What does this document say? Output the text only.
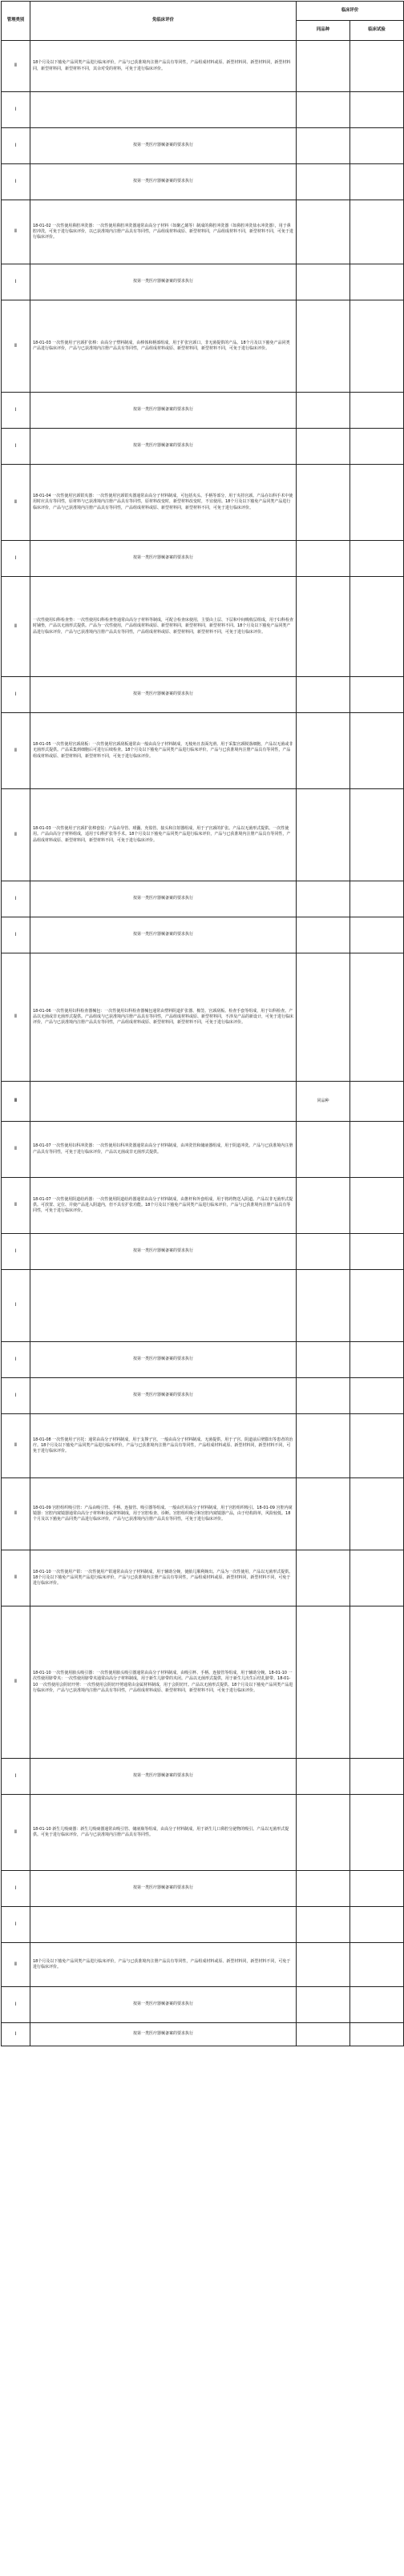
管理类别	免临床评价	临床评价	
		同品种	临床试验
Ⅱ	18个月及以下豁免产品同类产品进行临床评价，产品与已获准境内注册产品具有等同性，产品组成材料或原、新型材料同、新型材料同，新型材料同，新型材料同，新型材料不同，其余对受的材料，可免于进行临床评价。		
Ⅰ			
Ⅰ	按第一类医疗器械备案的要求执行		
Ⅰ	按第一类医疗器械备案的要求执行		
Ⅱ	18-01-02 一次性使用鼻腔冲洗器：一次性使用鼻腔冲洗器通常由高分子材料（如聚乙烯等）制成的鼻腔冲洗器（如鼻腔冲洗盐水冲洗器），用于鼻腔冲洗，可免于进行临床评价，以已获准境内注册产品具有等同性，产品组成材料或原、新型材料同，产品组成材料不同，新型材料不同，可免于进行临床评价。		
Ⅰ	按第一类医疗器械备案的要求执行		
Ⅱ	18-01-03 一次性使用子宫颈扩张棒：由高分子塑料制成，由棒体和柄部组成，用于扩张宫颈口，非无菌提供的产品。18个月及以下豁免产品同类产品进行临床评价，产品与已获准境内注册产品具有等同性，产品组成材料或原、新型材料同，新型材料不同，可免于进行临床评价。		
Ⅰ	按第一类医疗器械备案的要求执行		
Ⅰ	按第一类医疗器械备案的要求执行		
Ⅱ	18-01-04 一次性使用宫颈钳夹器：一次性使用宫颈钳夹器通常由高分子材料制成，可包括夹头、手柄等部分，用于夹持宫颈。产品在妇科手术中使用时应具有等同性，原材料与已获准境内注册产品具有等同性，原材料改变时，新型材料改变时，不宜使用。18个月及以下豁免产品同类产品进行临床评价，产品与已获准境内注册产品具有等同性，产品组成材料或原、新型材料同，新型材料不同，可免于进行临床评价。		
Ⅰ	按第一类医疗器械备案的要求执行		
Ⅱ	一次性使用妇科检查垫：一次性使用妇科检查垫通常由高分子材料等制成，可配合检查床使用，主要由上层、下层和中间吸收层组成，用于妇科检查时铺垫，产品以无菌形式提供。产品为一次性使用，产品组成材料或原、新型材料同，新型材料同，新型材料不同。18个月及以下豁免产品同类产品进行临床评价，产品与已获准境内注册产品具有等同性，产品组成材料或原、新型材料同，新型材料不同，可免于进行临床评价。		
Ⅰ	按第一类医疗器械备案的要求执行		
Ⅱ	18-01-05 一次性使用宫颈刮板：一次性使用宫颈刮板通常由一般由高分子材料制成，无棱角且表面光滑。用于采集宫颈脱落细胞，产品以无菌或非无菌形式提供。产品采集到细胞后可进行后续检查。18个月及以下豁免产品同类产品进行临床评价，产品与已获准境内注册产品具有等同性，产品组成材料或原、新型材料同，新型材料不同，可免于进行临床评价。		
Ⅱ	18-01-03 一次性使用子宫颈扩张棒套装：产品由导管、球囊、充盈管、接头和注射器组成，用于子宫颈的扩张。产品以无菌形式提供。一次性使用。产品由高分子材料组成，适用于妇科扩张等手术。18个月及以下豁免产品同类产品进行临床评价，产品与已获准境内注册产品具有等同性，产品组成材料或原、新型材料同，新型材料不同，可免于进行临床评价。		
Ⅰ	按第一类医疗器械备案的要求执行		
Ⅰ	按第一类医疗器械备案的要求执行		
Ⅱ	18-01-06 一次性使用妇科检查器械包：一次性使用妇科检查器械包通常由塑料阴道扩张器、棉签、宫颈刮板、检查手套等组成，用于妇科检查。产品以无菌或非无菌形式提供。产品组成与已获准境内注册产品具有等同性，产品组成材料或原、新型材料同，不涉及产品的新设计，可免于进行临床评价，产品与已获准境内注册产品具有等同性，产品组成材料或原、新型材料同，新型材料不同，可免于进行临床评价。		
Ⅲ		同品种	
Ⅱ	18-01-07 一次性使用妇科冲洗器：一次性使用妇科冲洗器通常由高分子材料制成，由冲洗管和储液器组成，用于阴道冲洗。产品与已获准境内注册产品具有等同性，可免于进行临床评价，产品以无菌或非无菌形式提供。		
Ⅱ	18-01-07 一次性使用阴道给药器：一次性使用阴道给药器通常由高分子材料制成，由推杆和外套组成，用于将药物送入阴道。产品以非无菌形式提供。可放置、定位、并使产品进入阴道内，但不具有扩张功能。18个月及以下豁免产品同类产品进行临床评价，产品与已获准境内注册产品具有等同性，可免于进行临床评价。		
Ⅰ	按第一类医疗器械备案的要求执行		
Ⅰ			
Ⅰ	按第一类医疗器械备案的要求执行		
Ⅰ	按第一类医疗器械备案的要求执行		
Ⅱ	18-01-08 一次性使用子宫托：通常由高分子材料制成，用于支撑子宫，一般由高分子材料制成。无菌提供，用于子宫、阴道前后壁膨出等患者的治疗。18个月及以下豁免产品同类产品进行临床评价，产品与已获准境内注册产品具有等同性，产品组成材料或原、新型材料同，新型材料不同，可免于进行临床评价。		
Ⅱ	18-01-09 宫腔组织吸引管：产品由吸引管、手柄、连接管、吸引器等组成。一般由医用高分子材料制成，用于宫腔组织吸引。18-01-09 宫腔内窥镜器：宫腔内窥镜器通常由高分子材料和金属材料制成，用于宫腔检查、诊断。宫腔组织吸引和宫腔内窥镜器产品，由于结构简单，风险较低。18个月及以下豁免产品同类产品进行临床评价，产品与已获准境内注册产品具有等同性，可免于进行临床评价。		
Ⅱ	18-01-10 一次性使用产钳：一次性使用产钳通常由高分子材料制成，用于辅助分娩，使胎儿顺利娩出。产品为一次性使用，产品以无菌形式提供。18个月及以下豁免产品同类产品进行临床评价，产品与已获准境内注册产品具有等同性，产品组成材料或原、新型材料同，新型材料不同，可免于进行临床评价。		
Ⅱ	18-01-10 一次性使用胎头吸引器：一次性使用胎头吸引器通常由高分子材料制成，由吸引杯、手柄、连接管等组成，用于辅助分娩。18-01-10 一次性使用脐带夹：一次性使用脐带夹通常由高分子材料制成，用于新生儿脐带的夹闭。产品以无菌形式提供，用于新生儿出生后结扎脐带。18-01-10 一次性使用会阴切开剪：一次性使用会阴切开剪通常由金属材料制成，用于会阴切开。产品以无菌形式提供。18个月及以下豁免产品同类产品进行临床评价，产品与已获准境内注册产品具有等同性，产品组成材料或原、新型材料同，新型材料不同，可免于进行临床评价。		
Ⅰ	按第一类医疗器械备案的要求执行		
Ⅱ	18-01-10 新生儿吸痰器：新生儿吸痰器通常由吸引管、储液瓶等组成，由高分子材料制成，用于新生儿口鼻腔分泌物的吸引。产品以无菌形式提供。可免于进行临床评价，产品与已获准境内注册产品具有等同性。		
Ⅰ	按第一类医疗器械备案的要求执行		
Ⅰ			
Ⅱ	18个月及以下豁免产品同类产品进行临床评价，产品与已获准境内注册产品具有等同性，产品组成材料或原、新型材料同，新型材料不同，可免于进行临床评价。		
Ⅰ	按第一类医疗器械备案的要求执行		
Ⅰ	按第一类医疗器械备案的要求执行		
